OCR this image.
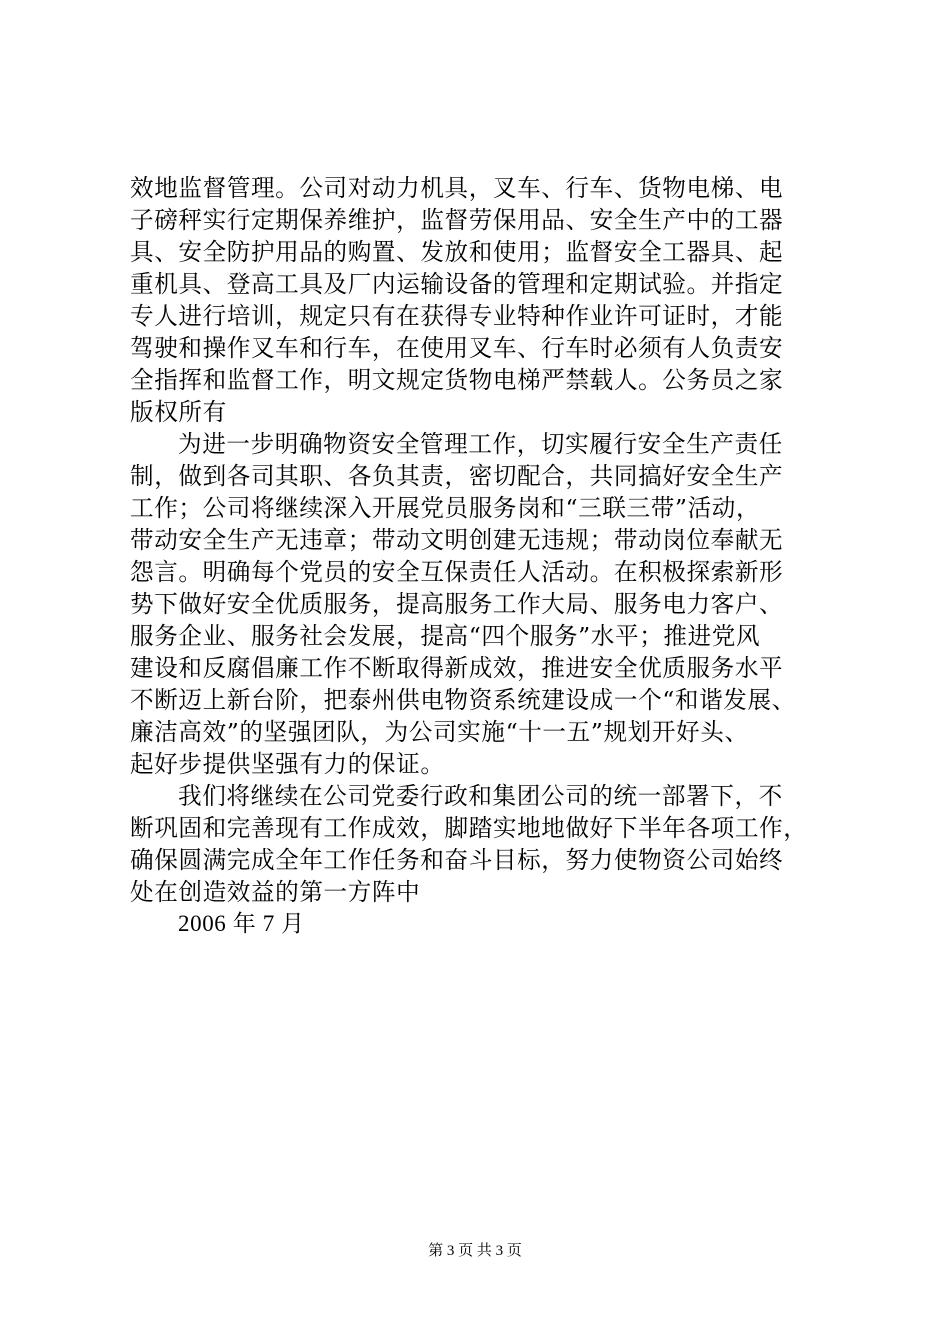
效地监督管理。公司对动力机具，叉车、行车、货物电梯、电
子磅秤实行定期保养维护，监督劳保用品、安全生产中的工器
具、安全防护用品的购置、发放和使用；监督安全工器具、起
重机具、登高工具及厂内运输设备的管理和定期试验。并指定
专人进行培训，规定只有在获得专业特种作业许可证时，才能
驾驶和操作叉车和行车，在使用叉车、行车时必须有人负责安
全指挥和监督工作，明文规定货物电梯严禁载人。公务员之家
版权所有
为进一步明确物资安全管理工作，切实履行安全生产责任
制，做到各司其职、各负其责，密切配合，共同搞好安全生产
工作；公司将继续深入开展党员服务岗和“三联三带”活动，
带动安全生产无违章；带动文明创建无违规；带动岗位奉献无
怨言。明确每个党员的安全互保责任人活动。在积极探索新形
势下做好安全优质服务，提高服务工作大局、服务电力客户、
服务企业、服务社会发展，提高“四个服务”水平；推进党风
建设和反腐倡廉工作不断取得新成效，推进安全优质服务水平
不断迈上新台阶，把泰州供电物资系统建设成一个“和谐发展、
廉洁高效”的坚强团队，为公司实施“十一五”规划开好头、
起好步提供坚强有力的保证。
我们将继续在公司党委行政和集团公司的统一部署下，不
断巩固和完善现有工作成效，脚踏实地地做好下半年各项工作，
确保圆满完成全年工作任务和奋斗目标，努力使物资公司始终
处在创造效益的第一方阵中
2006 年 7 月
第 3 页 共 3 页
